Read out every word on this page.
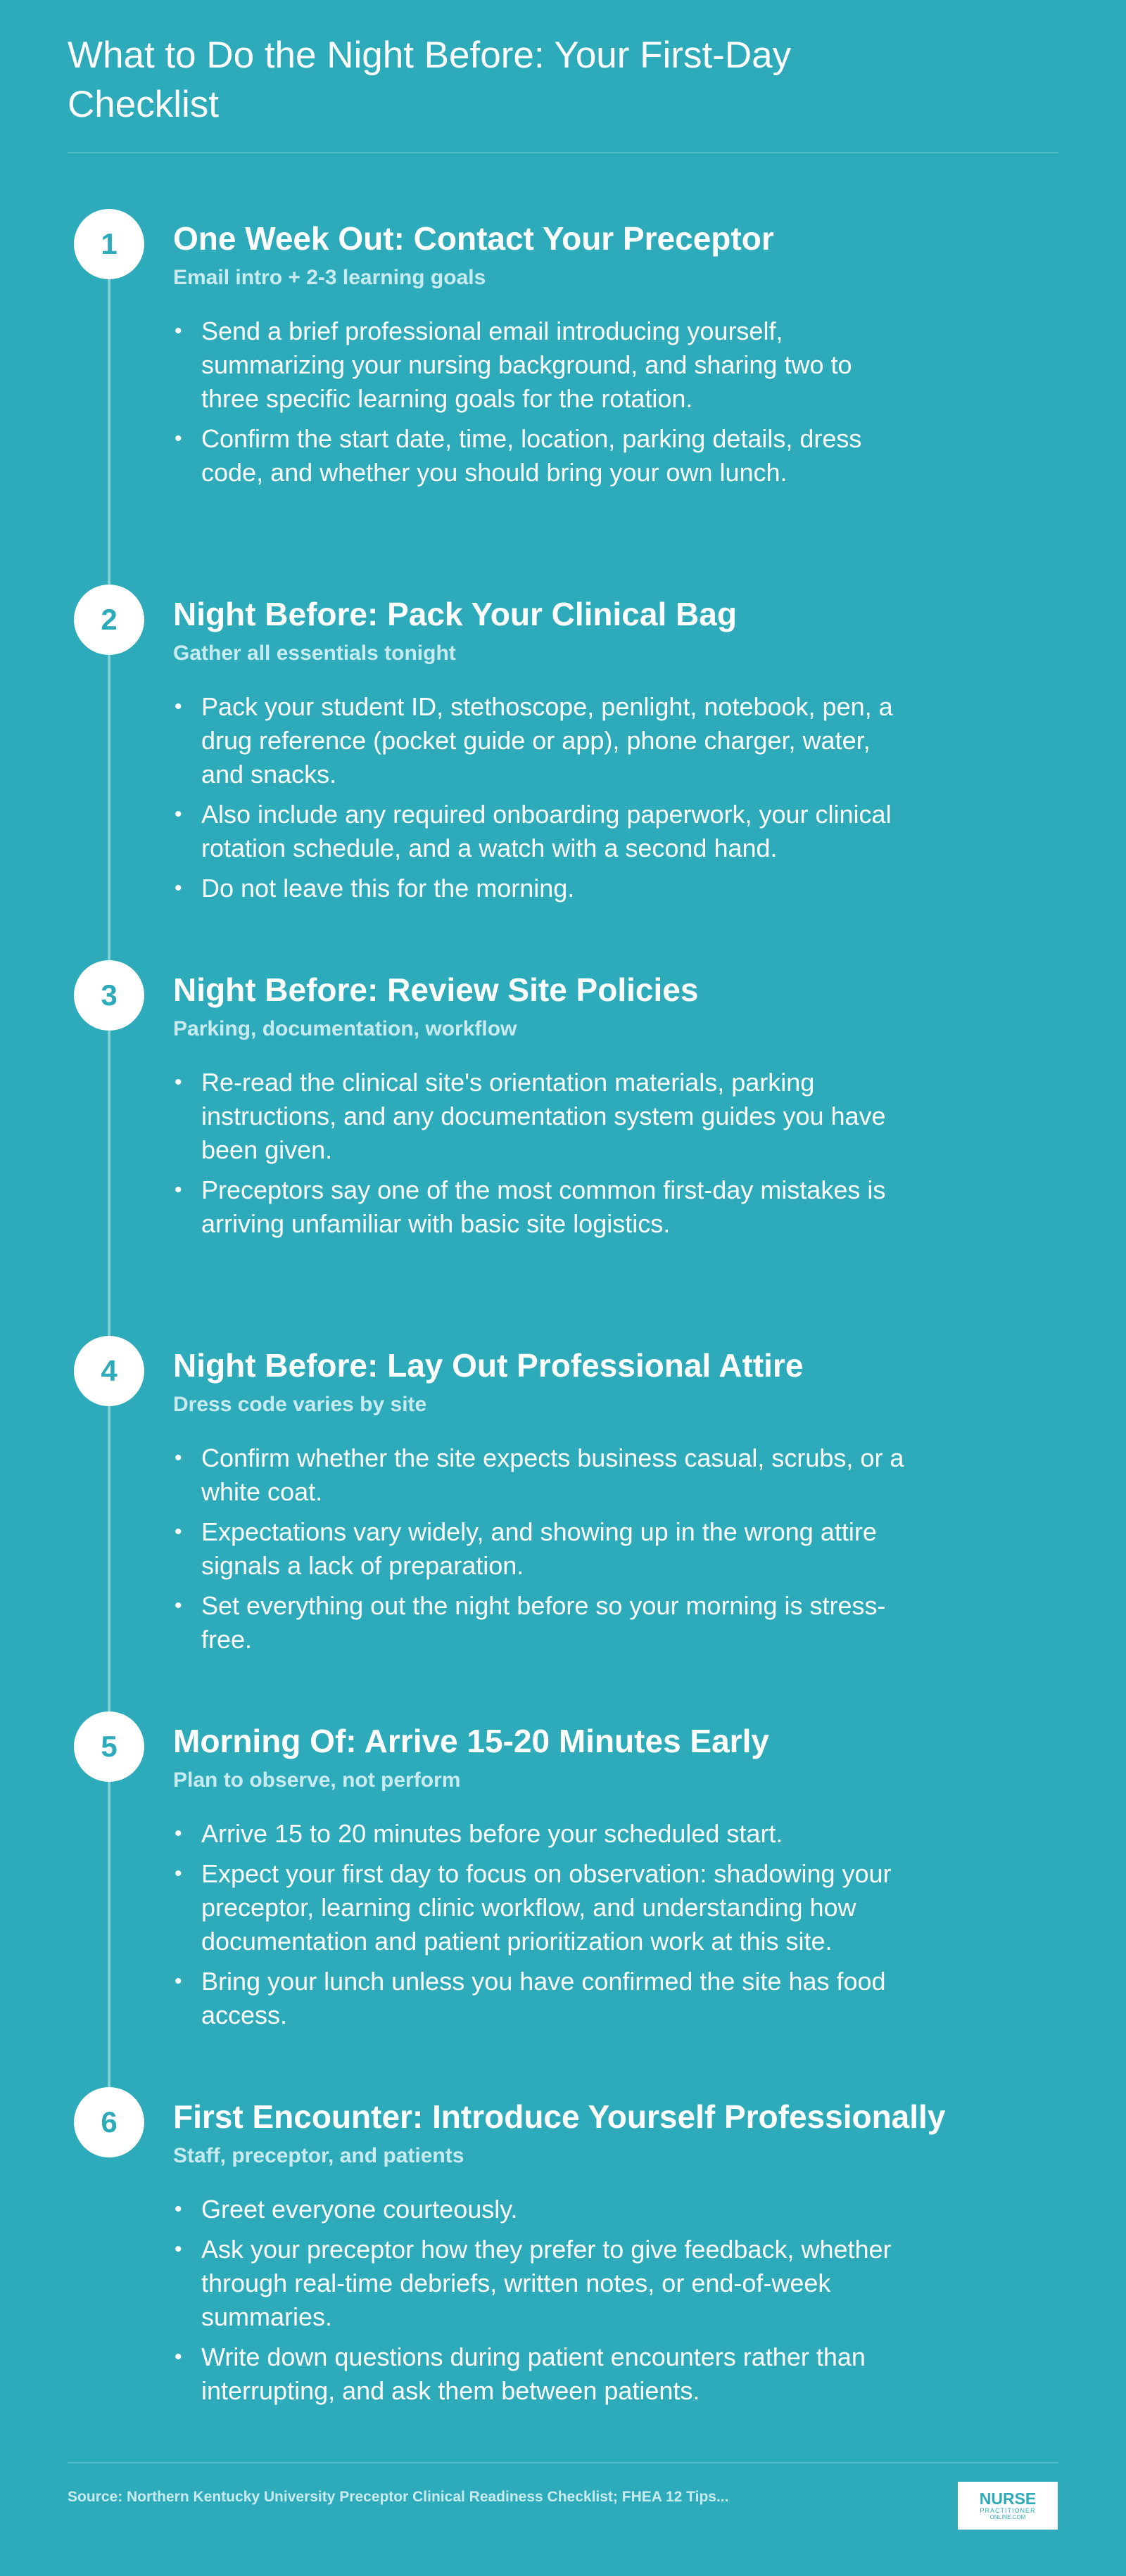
What to Do the Night Before: Your First-Day Checklist
1	One Week Out: Contact Your Preceptor
Email intro + 2-3 learning goals
• Send a brief professional email introducing yourself, summarizing your nursing background, and sharing two to three specific learning goals for the rotation.
• Confirm the start date, time, location, parking details, dress code, and whether you should bring your own lunch.
2	Night Before: Pack Your Clinical Bag
Gather all essentials tonight
• Pack your student ID, stethoscope, penlight, notebook, pen, a drug reference (pocket guide or app), phone charger, water, and snacks.
• Also include any required onboarding paperwork, your clinical rotation schedule, and a watch with a second hand.
• Do not leave this for the morning.
3	Night Before: Review Site Policies
Parking, documentation, workflow
• Re-read the clinical site's orientation materials, parking instructions, and any documentation system guides you have been given.
• Preceptors say one of the most common first-day mistakes is arriving unfamiliar with basic site logistics.
4	Night Before: Lay Out Professional Attire
Dress code varies by site
• Confirm whether the site expects business casual, scrubs, or a white coat.
• Expectations vary widely, and showing up in the wrong attire signals a lack of preparation.
• Set everything out the night before so your morning is stress-free.
5	Morning Of: Arrive 15-20 Minutes Early
Plan to observe, not perform
• Arrive 15 to 20 minutes before your scheduled start.
• Expect your first day to focus on observation: shadowing your preceptor, learning clinic workflow, and understanding how documentation and patient prioritization work at this site.
• Bring your lunch unless you have confirmed the site has food access.
6	First Encounter: Introduce Yourself Professionally
Staff, preceptor, and patients
• Greet everyone courteously.
• Ask your preceptor how they prefer to give feedback, whether through real-time debriefs, written notes, or end-of-week summaries.
• Write down questions during patient encounters rather than interrupting, and ask them between patients.
Source: Northern Kentucky University Preceptor Clinical Readiness Checklist; FHEA 12 Tips...	NURSE
PRACTITIONER
ONLINE.COM
